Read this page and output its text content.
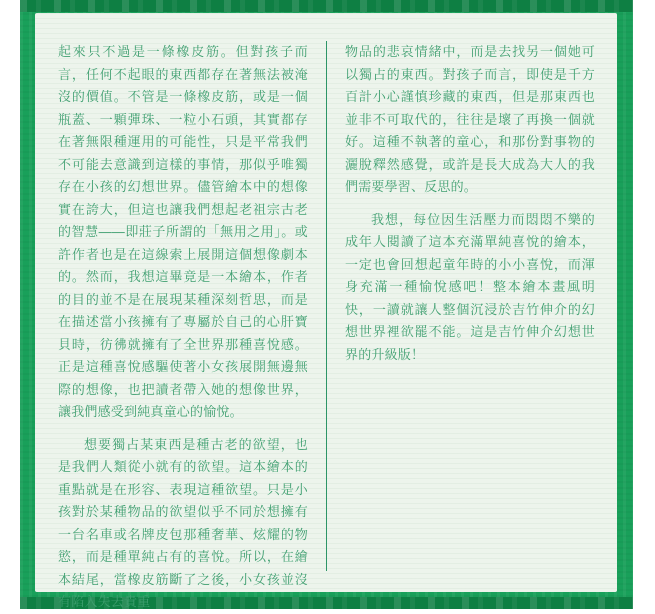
起來只不過是一條橡皮筋。但對孩子而言，任何不起眼的東西都存在著無法被淹沒的價值。不管是一條橡皮筋，或是一個瓶蓋、一顆彈珠、一粒小石頭，其實都存在著無限種運用的可能性，只是平常我們不可能去意識到這樣的事情，那似乎唯獨存在小孩的幻想世界。儘管繪本中的想像實在誇大，但這也讓我們想起老祖宗古老的智慧——即莊子所謂的「無用之用」。或許作者也是在這線索上展開這個想像劇本的。然而，我想這畢竟是一本繪本，作者的目的並不是在展現某種深刻哲思，而是在描述當小孩擁有了專屬於自己的心肝寶貝時，彷彿就擁有了全世界那種喜悅感。正是這種喜悅感驅使著小女孩展開無邊無際的想像，也把讀者帶入她的想像世界，讓我們感受到純真童心的愉悅。

想要獨占某東西是種古老的欲望，也是我們人類從小就有的欲望。這本繪本的重點就是在形容、表現這種欲望。只是小孩對於某種物品的欲望似乎不同於想擁有一台名車或名牌皮包那種奢華、炫耀的物慾，而是種單純占有的喜悅。所以，在繪本結尾，當橡皮筋斷了之後，小女孩並沒有陷入失去貴重

物品的悲哀情緒中，而是去找另一個她可以獨占的東西。對孩子而言，即使是千方百計小心謹慎珍藏的東西，但是那東西也並非不可取代的，往往是壞了再換一個就好。這種不執著的童心，和那份對事物的灑脫釋然感覺，或許是長大成為大人的我們需要學習、反思的。

我想，每位因生活壓力而悶悶不樂的成年人閱讀了這本充滿單純喜悅的繪本，一定也會回想起童年時的小小喜悅，而渾身充滿一種愉悅感吧！整本繪本畫風明快，一讀就讓人整個沉浸於吉竹伸介的幻想世界裡欲罷不能。這是吉竹伸介幻想世界的升級版！
